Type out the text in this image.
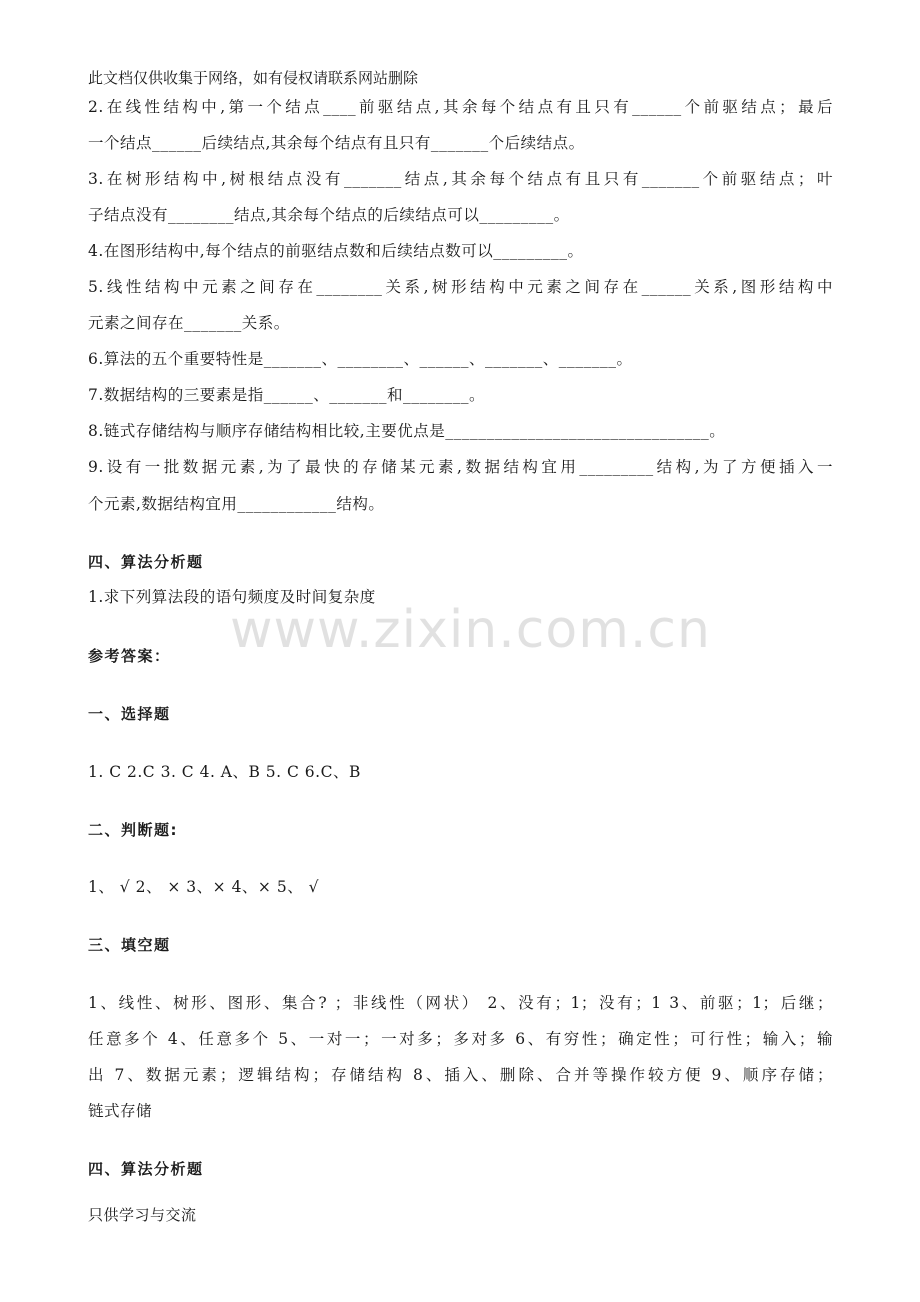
此文档仅供收集于网络，如有侵权请联系网站删除
2.在线性结构中,第一个结点____前驱结点,其余每个结点有且只有______个前驱结点；最后
一个结点______后续结点,其余每个结点有且只有_______个后续结点。
3.在树形结构中,树根结点没有_______结点,其余每个结点有且只有_______个前驱结点；叶
子结点没有________结点,其余每个结点的后续结点可以_________。
4.在图形结构中,每个结点的前驱结点数和后续结点数可以_________。
5.线性结构中元素之间存在________关系,树形结构中元素之间存在______关系,图形结构中
元素之间存在_______关系。
6.算法的五个重要特性是_______、________、______、_______、_______。
7.数据结构的三要素是指______、_______和________。
8.链式存储结构与顺序存储结构相比较,主要优点是________________________________。
9.设有一批数据元素,为了最快的存储某元素,数据结构宜用_________结构,为了方便插入一
个元素,数据结构宜用____________结构。
四、算法分析题
1.求下列算法段的语句频度及时间复杂度
www.zixin.com.cn
参考答案：
一、选择题
1. C 2.C 3. C 4. A、B 5. C 6.C、B
二、判断题:
1、 √ 2、 × 3、× 4、× 5、 √
三、填空题
1、线性、树形、图形、集合? ；非线性（网状） 2、没有；1；没有；1 3、前驱；1；后继；
任意多个 4、任意多个 5、一对一；一对多；多对多 6、有穷性；确定性；可行性；输入；输
出 7、数据元素；逻辑结构；存储结构 8、插入、删除、合并等操作较方便 9、顺序存储；
链式存储
四、算法分析题
只供学习与交流
